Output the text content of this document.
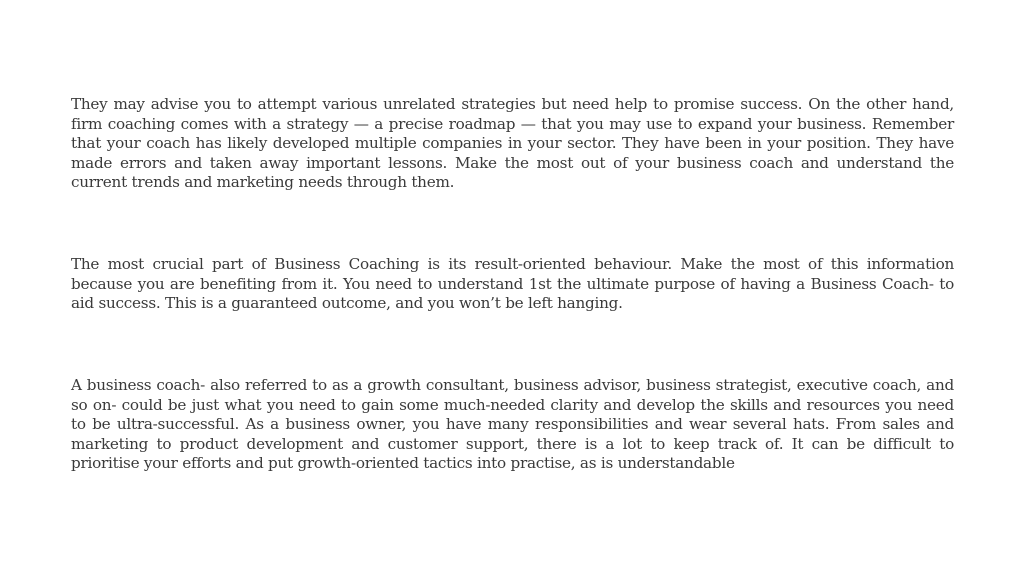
They may advise you to attempt various unrelated strategies but need help to promise success. On the other hand, firm coaching comes with a strategy — a precise roadmap — that you may use to expand your business. Remember that your coach has likely developed multiple companies in your sector. They have been in your position. They have made errors and taken away important lessons. Make the most out of your business coach and understand the current trends and marketing needs through them.

The most crucial part of Business Coaching is its result-oriented behaviour. Make the most of this information because you are benefiting from it. You need to understand 1st the ultimate purpose of having a Business Coach- to aid success. This is a guaranteed outcome, and you won’t be left hanging.

A business coach- also referred to as a growth consultant, business advisor, business strategist, executive coach, and so on- could be just what you need to gain some much-needed clarity and develop the skills and resources you need to be ultra-successful. As a business owner, you have many responsibilities and wear several hats. From sales and marketing to product development and customer support, there is a lot to keep track of. It can be difficult to prioritise your efforts and put growth-oriented tactics into practise, as is understandable
